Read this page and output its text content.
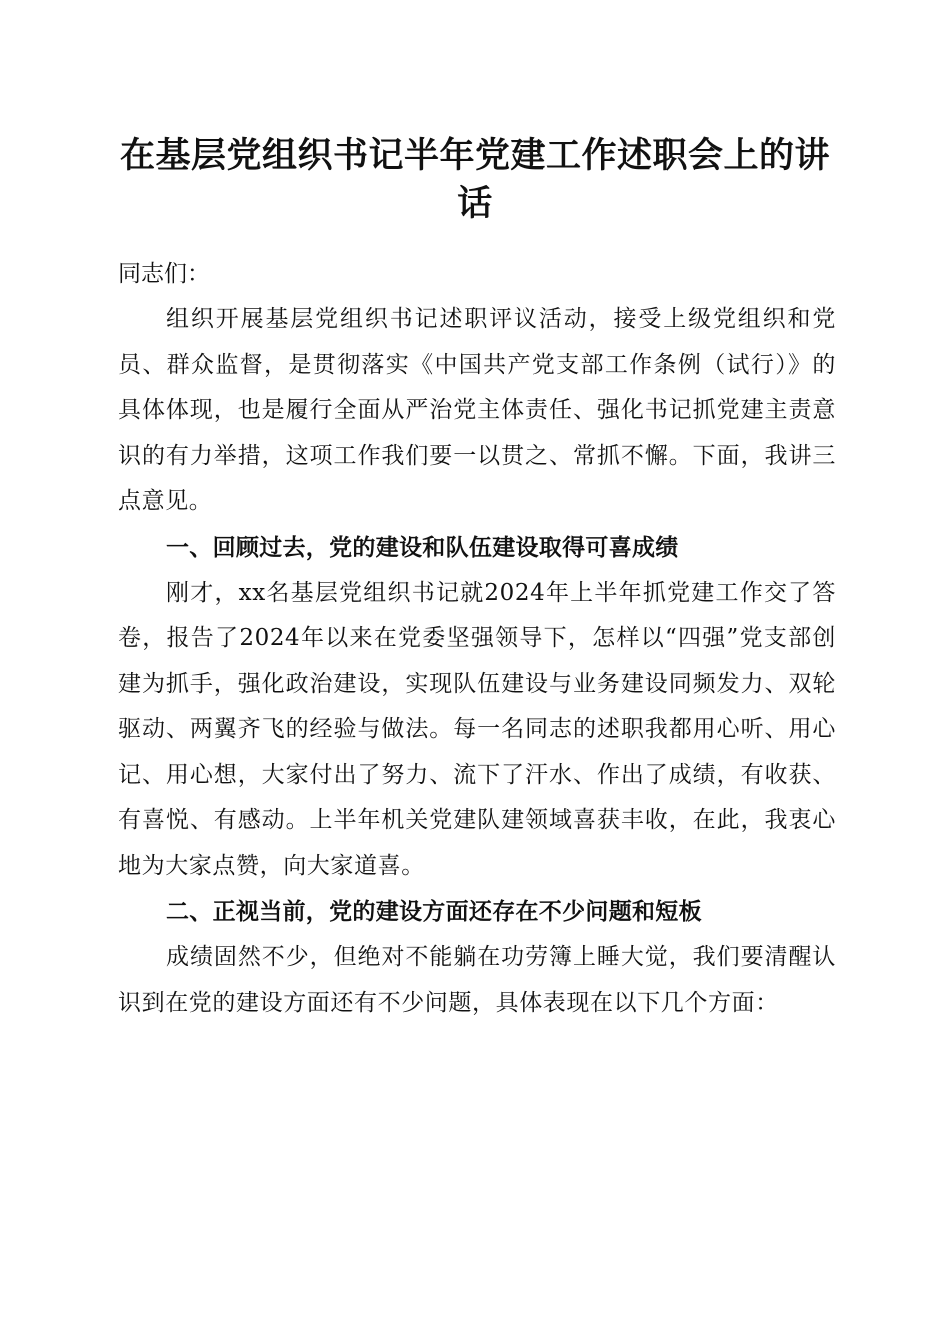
在基层党组织书记半年党建工作述职会上的讲话

同志们：

组织开展基层党组织书记述职评议活动，接受上级党组织和党员、群众监督，是贯彻落实《中国共产党支部工作条例（试行）》的具体体现，也是履行全面从严治党主体责任、强化书记抓党建主责意识的有力举措，这项工作我们要一以贯之、常抓不懈。下面，我讲三点意见。

一、回顾过去，党的建设和队伍建设取得可喜成绩

刚才，xx名基层党组织书记就2024年上半年抓党建工作交了答卷，报告了2024年以来在党委坚强领导下，怎样以“四强”党支部创建为抓手，强化政治建设，实现队伍建设与业务建设同频发力、双轮驱动、两翼齐飞的经验与做法。每一名同志的述职我都用心听、用心记、用心想，大家付出了努力、流下了汗水、作出了成绩，有收获、有喜悦、有感动。上半年机关党建队建领域喜获丰收，在此，我衷心地为大家点赞，向大家道喜。

二、正视当前，党的建设方面还存在不少问题和短板

成绩固然不少，但绝对不能躺在功劳簿上睡大觉，我们要清醒认识到在党的建设方面还有不少问题，具体表现在以下几个方面：
